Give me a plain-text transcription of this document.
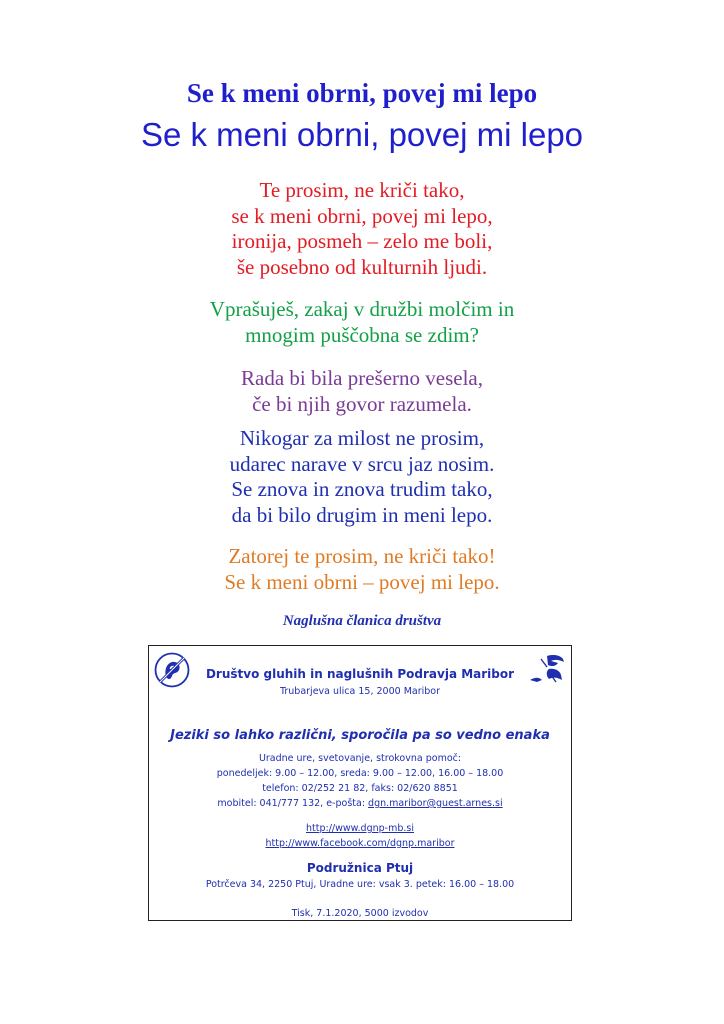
Se k meni obrni, povej mi lepo
Se k meni obrni, povej mi lepo
Te prosim, ne kriči tako,
se k meni obrni, povej mi lepo,
ironija, posmeh – zelo me boli,
še posebno od kulturnih ljudi.
Vprašuješ, zakaj v družbi molčim in
mnogim puščobna se zdim?
Rada bi bila prešerno vesela,
če bi njih govor razumela.
Nikogar za milost ne prosim,
udarec narave v srcu jaz nosim.
Se znova in znova trudim tako,
da bi bilo drugim in meni lepo.
Zatorej te prosim, ne kriči tako!
Se k meni obrni – povej mi lepo.
Naglušna članica društva
Društvo gluhih in naglušnih Podravja Maribor
Trubarjeva ulica 15, 2000 Maribor
Jeziki so lahko različni, sporočila pa so vedno enaka
Uradne ure, svetovanje, strokovna pomoč:
ponedeljek: 9.00 – 12.00, sreda: 9.00 – 12.00, 16.00 – 18.00
telefon: 02/252 21 82, faks: 02/620 8851
mobitel: 041/777 132, e-pošta: dgn.maribor@guest.arnes.si
http://www.dgnp-mb.si
http://www.facebook.com/dgnp.maribor
Podružnica Ptuj
Potrčeva 34, 2250 Ptuj, Uradne ure: vsak 3. petek: 16.00 – 18.00
Tisk, 7.1.2020, 5000 izvodov
